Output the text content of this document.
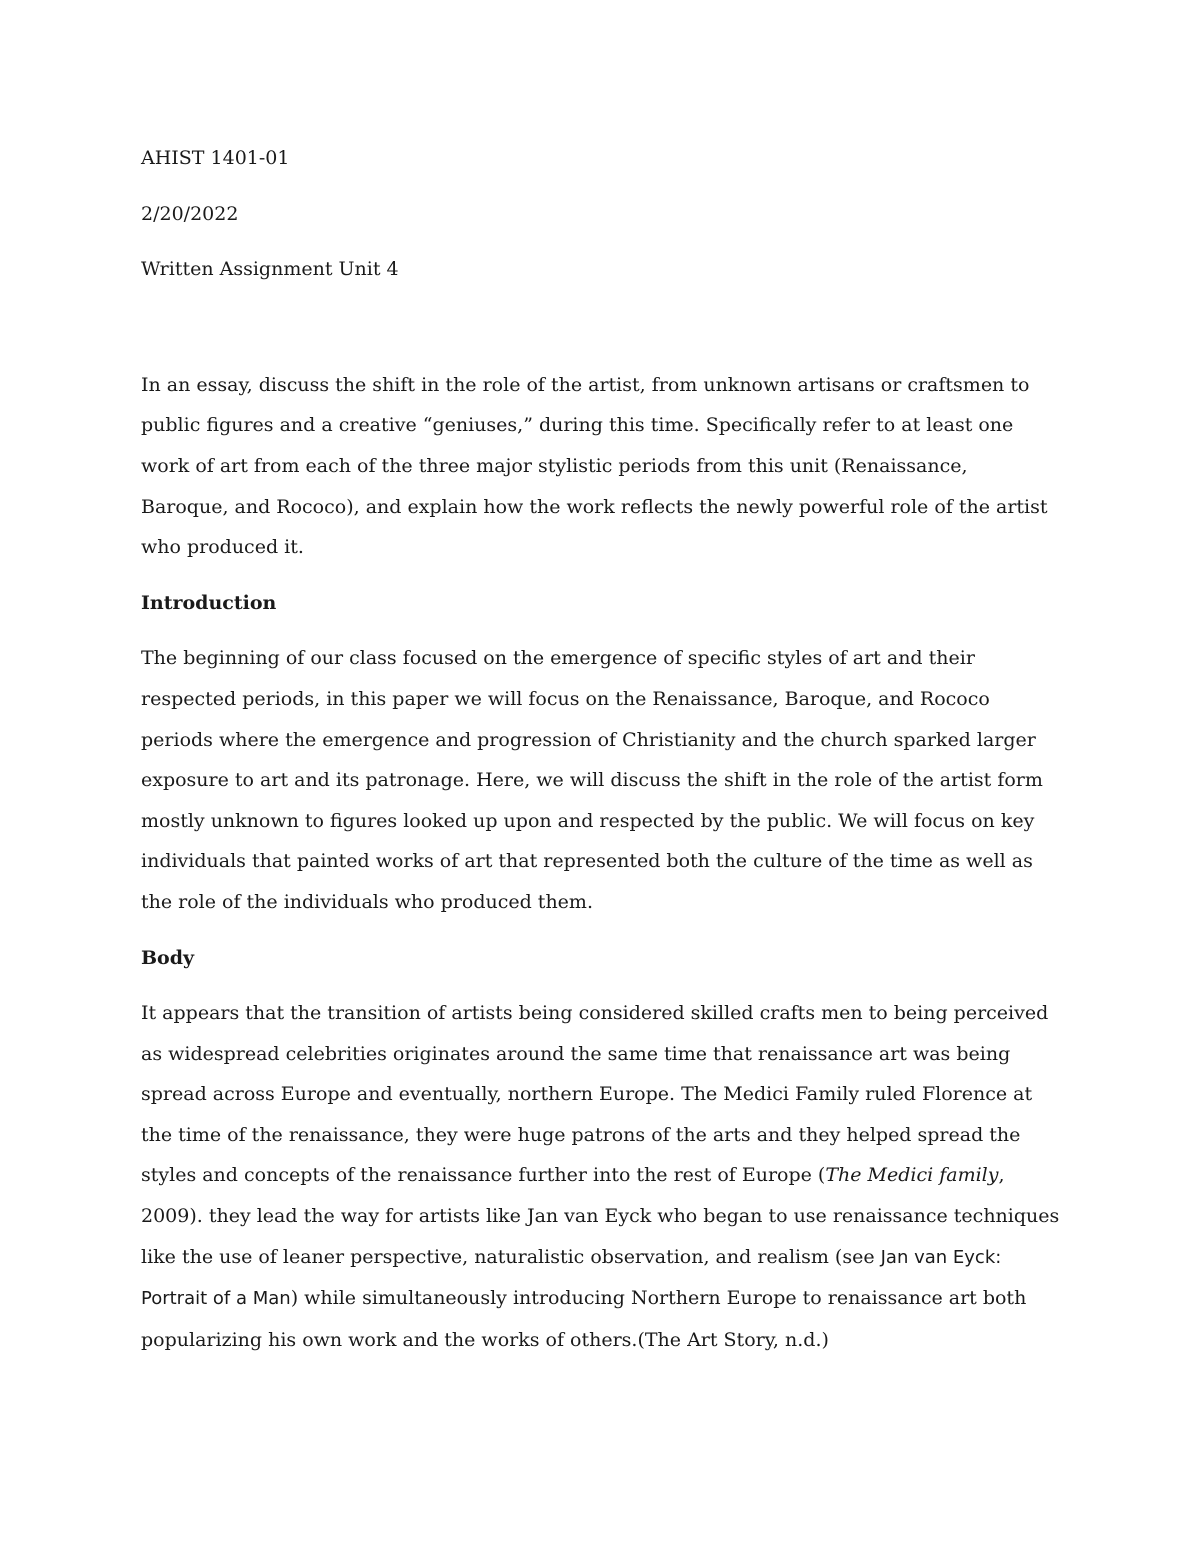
AHIST 1401-01

2/20/2022

Written Assignment Unit 4

In an essay, discuss the shift in the role of the artist, from unknown artisans or craftsmen to public figures and a creative “geniuses,” during this time. Specifically refer to at least one work of art from each of the three major stylistic periods from this unit (Renaissance, Baroque, and Rococo), and explain how the work reflects the newly powerful role of the artist who produced it.

Introduction

The beginning of our class focused on the emergence of specific styles of art and their respected periods, in this paper we will focus on the Renaissance, Baroque, and Rococo periods where the emergence and progression of Christianity and the church sparked larger exposure to art and its patronage. Here, we will discuss the shift in the role of the artist form mostly unknown to figures looked up upon and respected by the public. We will focus on key individuals that painted works of art that represented both the culture of the time as well as the role of the individuals who produced them.

Body

It appears that the transition of artists being considered skilled crafts men to being perceived as widespread celebrities originates around the same time that renaissance art was being spread across Europe and eventually, northern Europe. The Medici Family ruled Florence at the time of the renaissance, they were huge patrons of the arts and they helped spread the styles and concepts of the renaissance further into the rest of Europe (The Medici family, 2009). they lead the way for artists like Jan van Eyck who began to use renaissance techniques like the use of leaner perspective, naturalistic observation, and realism (see Jan van Eyck: Portrait of a Man) while simultaneously introducing Northern Europe to renaissance art both popularizing his own work and the works of others.(The Art Story, n.d.)
